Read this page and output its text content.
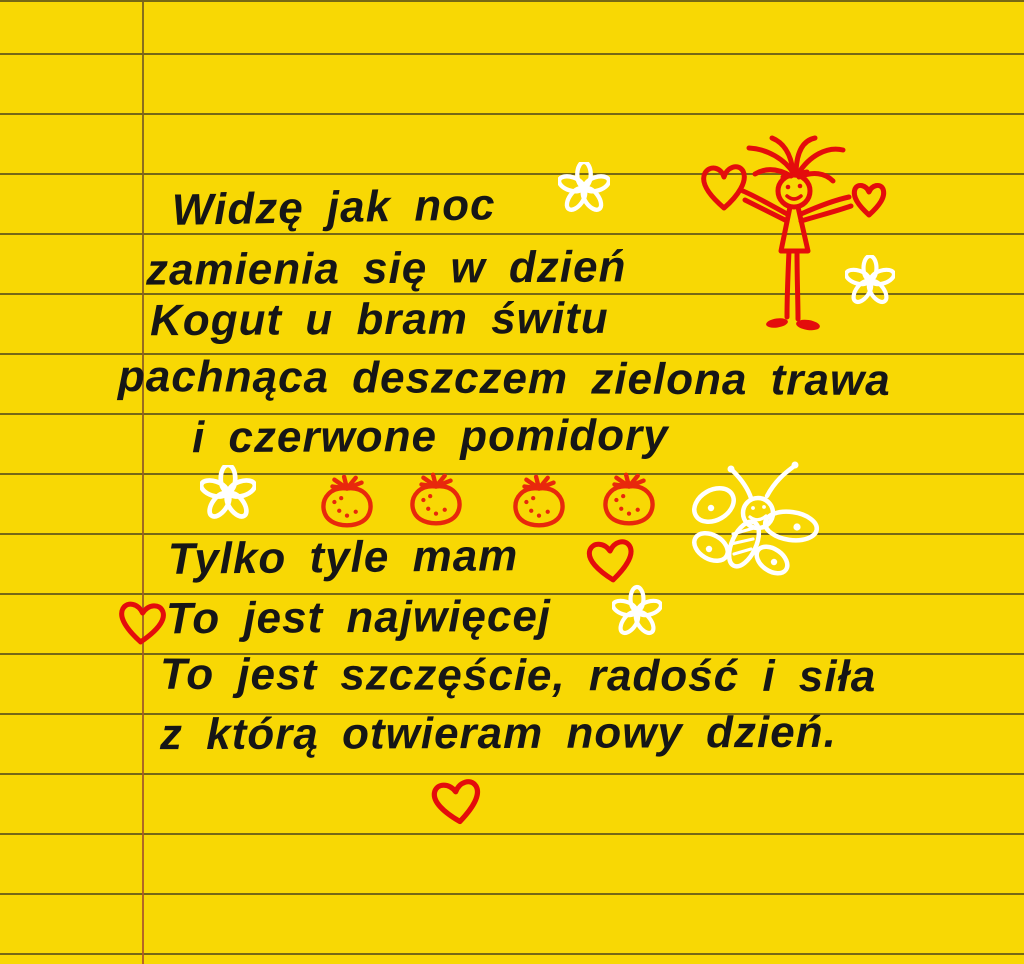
Widzę jak noc
zamienia się w dzień
Kogut u bram świtu
pachnąca deszczem zielona trawa
i czerwone pomidory
Tylko tyle mam
To jest najwięcej
To jest szczęście, radość i siła
z którą otwieram nowy dzień.
